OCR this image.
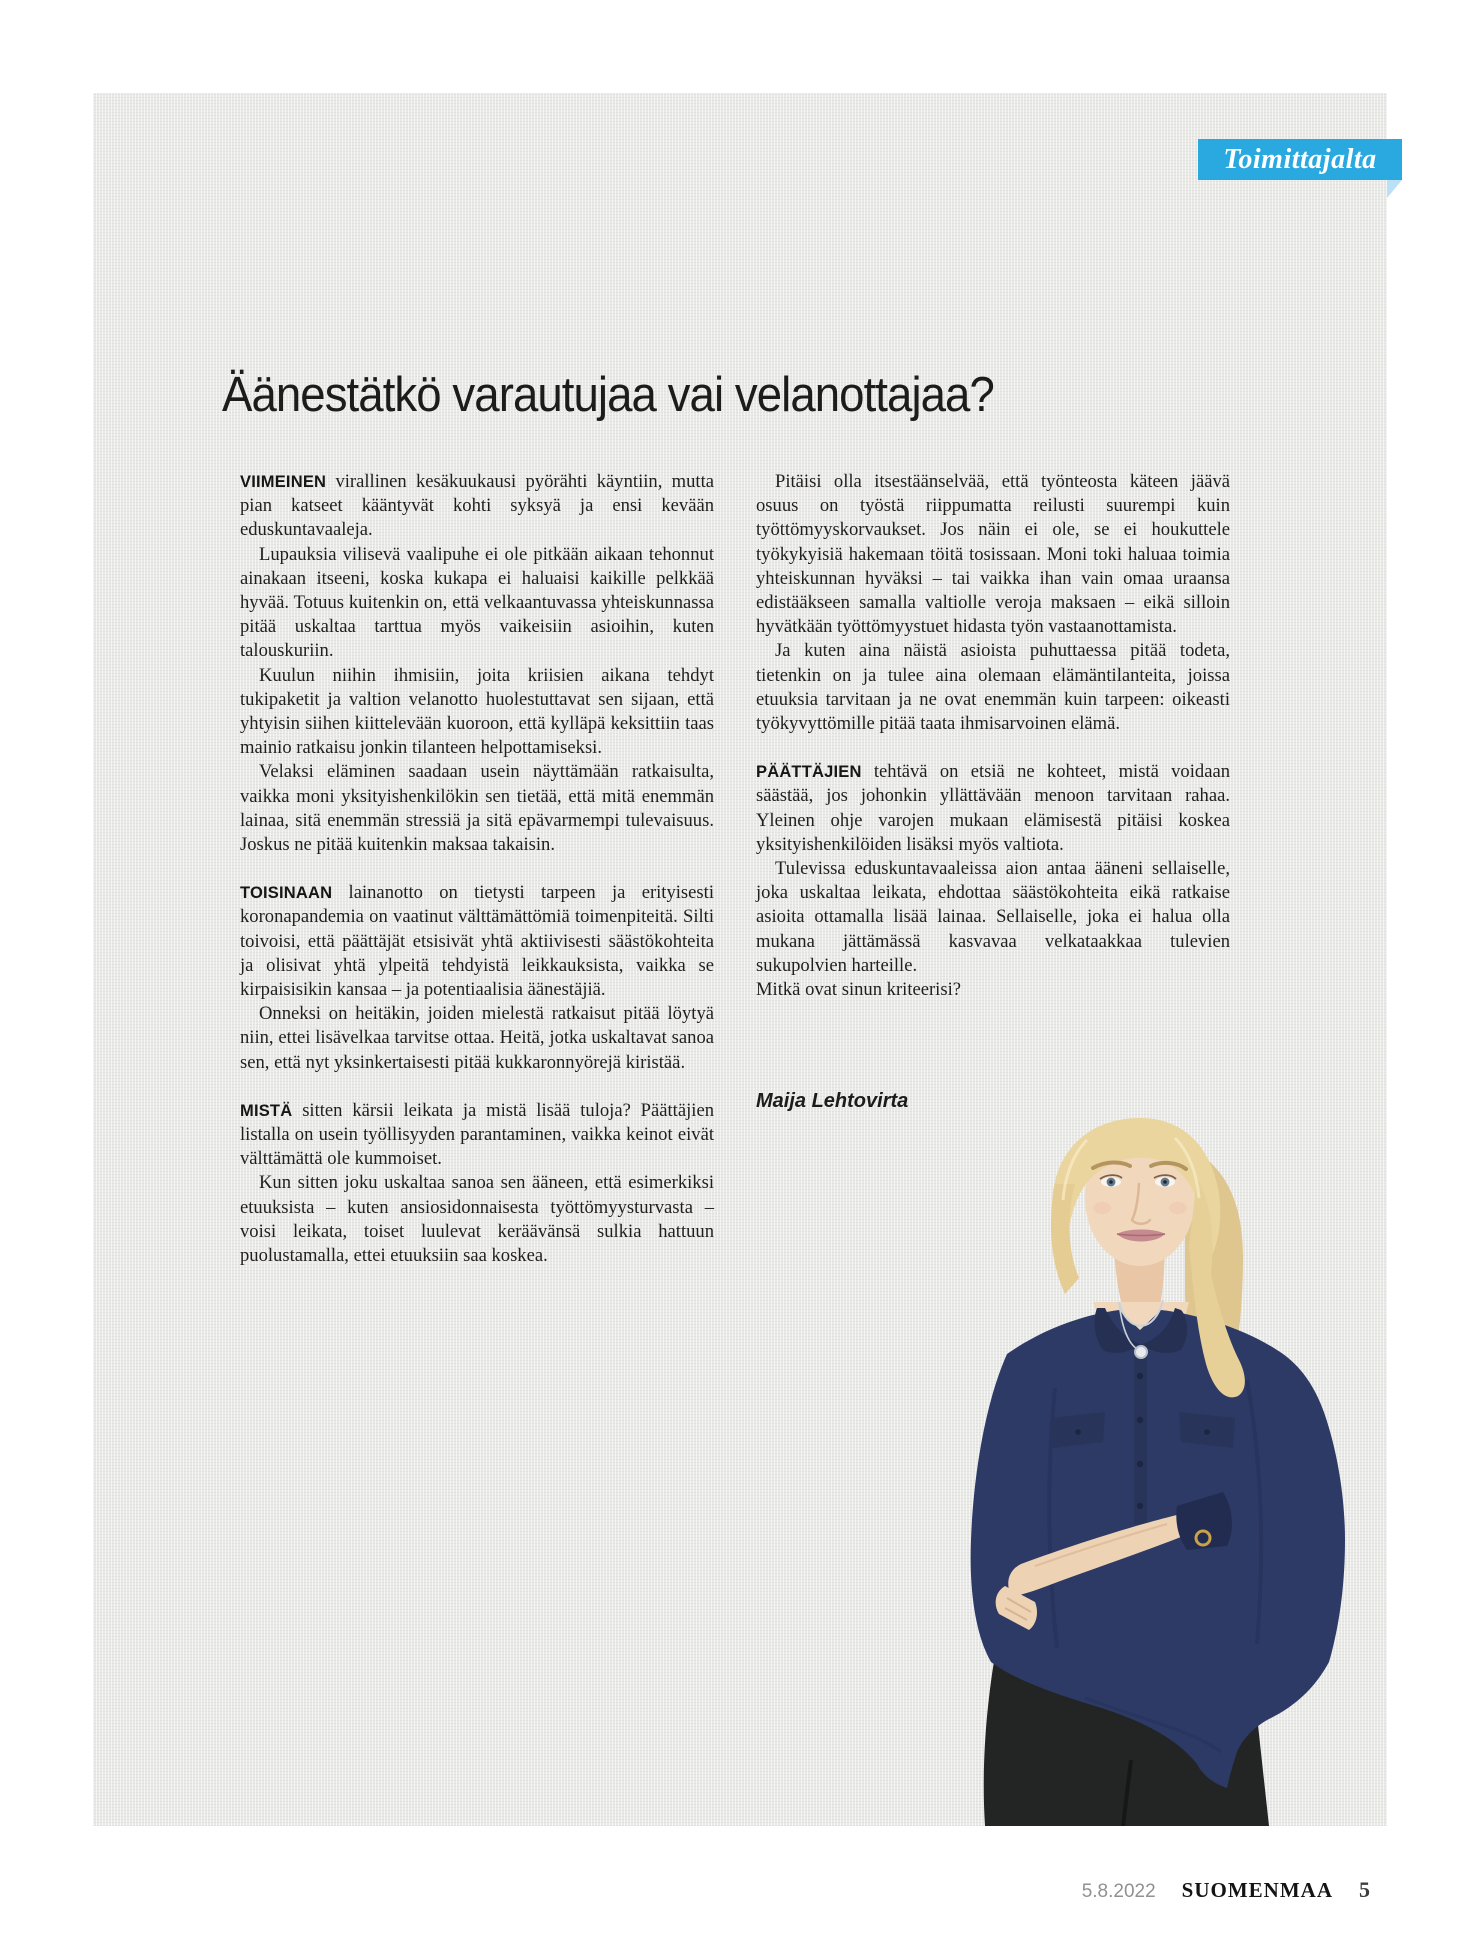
Toimittajalta
Äänestätkö varautujaa vai velanottajaa?

VIIMEINEN virallinen kesäkuukausi pyörähti käyntiin, mutta pian katseet kääntyvät kohti syksyä ja ensi kevään eduskuntavaaleja.

Lupauksia vilisevä vaalipuhe ei ole pitkään aikaan tehonnut ainakaan itseeni, koska kukapa ei haluaisi kaikille pelkkää hyvää. Totuus kuitenkin on, että velkaantuvassa yhteiskunnassa pitää uskaltaa tarttua myös vaikeisiin asioihin, kuten talouskuriin.

Kuulun niihin ihmisiin, joita kriisien aikana tehdyt tukipaketit ja valtion velanotto huolestuttavat sen sijaan, että yhtyisin siihen kiittelevään kuoroon, että kylläpä keksittiin taas mainio ratkaisu jonkin tilanteen helpottamiseksi.

Velaksi eläminen saadaan usein näyttämään ratkaisulta, vaikka moni yksityishenkilökin sen tietää, että mitä enemmän lainaa, sitä enemmän stressiä ja sitä epävarmempi tulevaisuus. Joskus ne pitää kuitenkin maksaa takaisin.

TOISINAAN lainanotto on tietysti tarpeen ja erityisesti koronapandemia on vaatinut välttämättömiä toimenpiteitä. Silti toivoisi, että päättäjät etsisivät yhtä aktiivisesti säästökohteita ja olisivat yhtä ylpeitä tehdyistä leikkauksista, vaikka se kirpaisisikin kansaa – ja potentiaalisia äänestäjiä.

Onneksi on heitäkin, joiden mielestä ratkaisut pitää löytyä niin, ettei lisävelkaa tarvitse ottaa. Heitä, jotka uskaltavat sanoa sen, että nyt yksinkertaisesti pitää kukkaronnyörejä kiristää.

MISTÄ sitten kärsii leikata ja mistä lisää tuloja? Päättäjien listalla on usein työllisyyden parantaminen, vaikka keinot eivät välttämättä ole kummoiset.

Kun sitten joku uskaltaa sanoa sen ääneen, että esimerkiksi etuuksista – kuten ansiosidonnaisesta työttömyysturvasta – voisi leikata, toiset luulevat keräävänsä sulkia hattuun puolustamalla, ettei etuuksiin saa koskea.

Pitäisi olla itsestäänselvää, että työnteosta käteen jäävä osuus on työstä riippumatta reilusti suurempi kuin työttömyyskorvaukset. Jos näin ei ole, se ei houkuttele työkykyisiä hakemaan töitä tosissaan. Moni toki haluaa toimia yhteiskunnan hyväksi – tai vaikka ihan vain omaa uraansa edistääkseen samalla valtiolle veroja maksaen – eikä silloin hyvätkään työttömyystuet hidasta työn vastaanottamista.

Ja kuten aina näistä asioista puhuttaessa pitää todeta, tietenkin on ja tulee aina olemaan elämäntilanteita, joissa etuuksia tarvitaan ja ne ovat enemmän kuin tarpeen: oikeasti työkyvyttömille pitää taata ihmisarvoinen elämä.

PÄÄTTÄJIEN tehtävä on etsiä ne kohteet, mistä voidaan säästää, jos johonkin yllättävään menoon tarvitaan rahaa. Yleinen ohje varojen mukaan elämisestä pitäisi koskea yksityishenkilöiden lisäksi myös valtiota.

Tulevissa eduskuntavaaleissa aion antaa ääneni sellaiselle, joka uskaltaa leikata, ehdottaa säästökohteita eikä ratkaise asioita ottamalla lisää lainaa. Sellaiselle, joka ei halua olla mukana jättämässä kasvavaa velkataakkaa tulevien sukupolvien harteille.

Mitkä ovat sinun kriteerisi?

Maija Lehtovirta
5.8.2022 SUOMENMAA 5
